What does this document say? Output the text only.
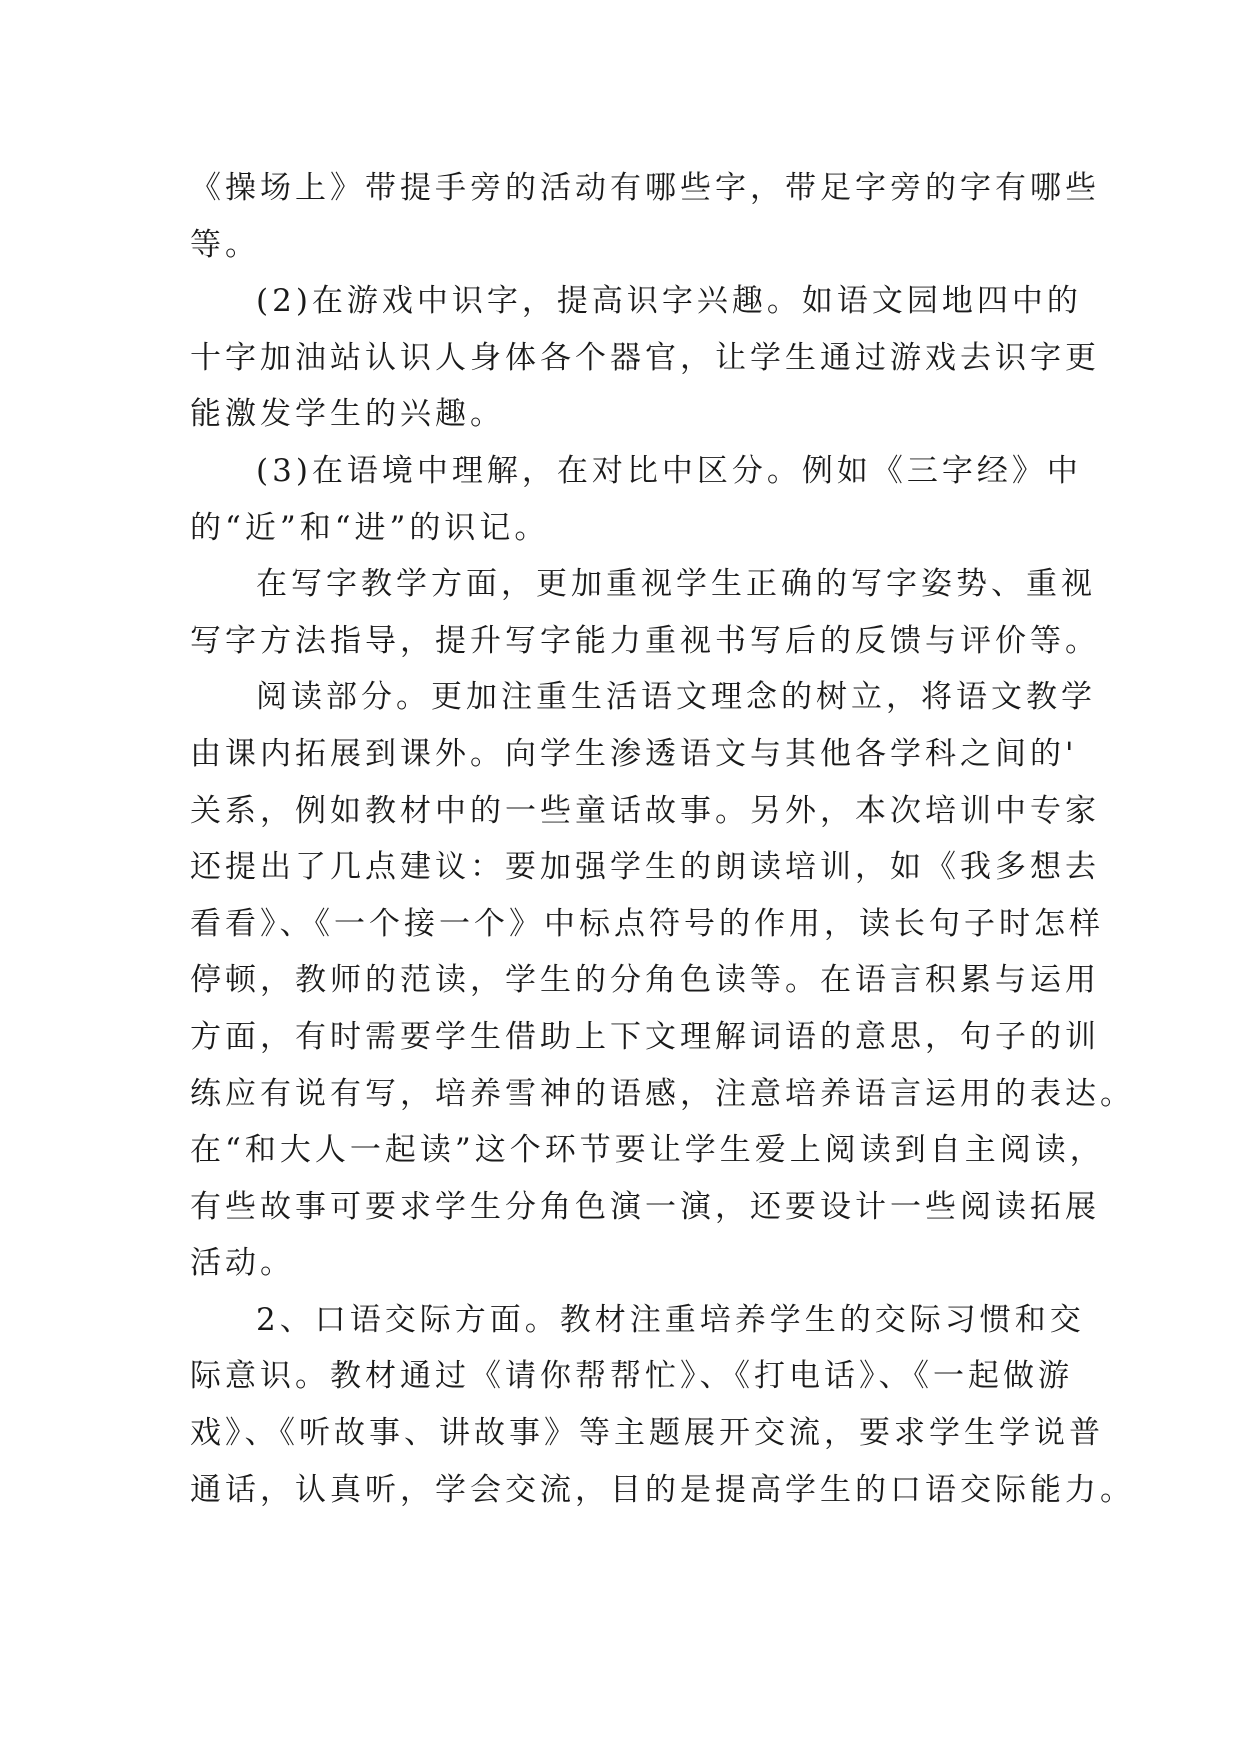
《操场上》带提手旁的活动有哪些字，带足字旁的字有哪些
等。
(2)在游戏中识字，提高识字兴趣。如语文园地四中的
十字加油站认识人身体各个器官，让学生通过游戏去识字更
能激发学生的兴趣。
(3)在语境中理解，在对比中区分。例如《三字经》中
的“近”和“进”的识记。
在写字教学方面，更加重视学生正确的写字姿势、重视
写字方法指导，提升写字能力重视书写后的反馈与评价等。
阅读部分。更加注重生活语文理念的树立，将语文教学
由课内拓展到课外。向学生渗透语文与其他各学科之间的'
关系，例如教材中的一些童话故事。另外，本次培训中专家
还提出了几点建议：要加强学生的朗读培训，如《我多想去
看看》、《一个接一个》中标点符号的作用，读长句子时怎样
停顿，教师的范读，学生的分角色读等。在语言积累与运用
方面，有时需要学生借助上下文理解词语的意思，句子的训
练应有说有写，培养雪神的语感，注意培养语言运用的表达。
在“和大人一起读”这个环节要让学生爱上阅读到自主阅读，
有些故事可要求学生分角色演一演，还要设计一些阅读拓展
活动。
2、口语交际方面。教材注重培养学生的交际习惯和交
际意识。教材通过《请你帮帮忙》、《打电话》、《一起做游
戏》、《听故事、讲故事》等主题展开交流，要求学生学说普
通话，认真听，学会交流，目的是提高学生的口语交际能力。
